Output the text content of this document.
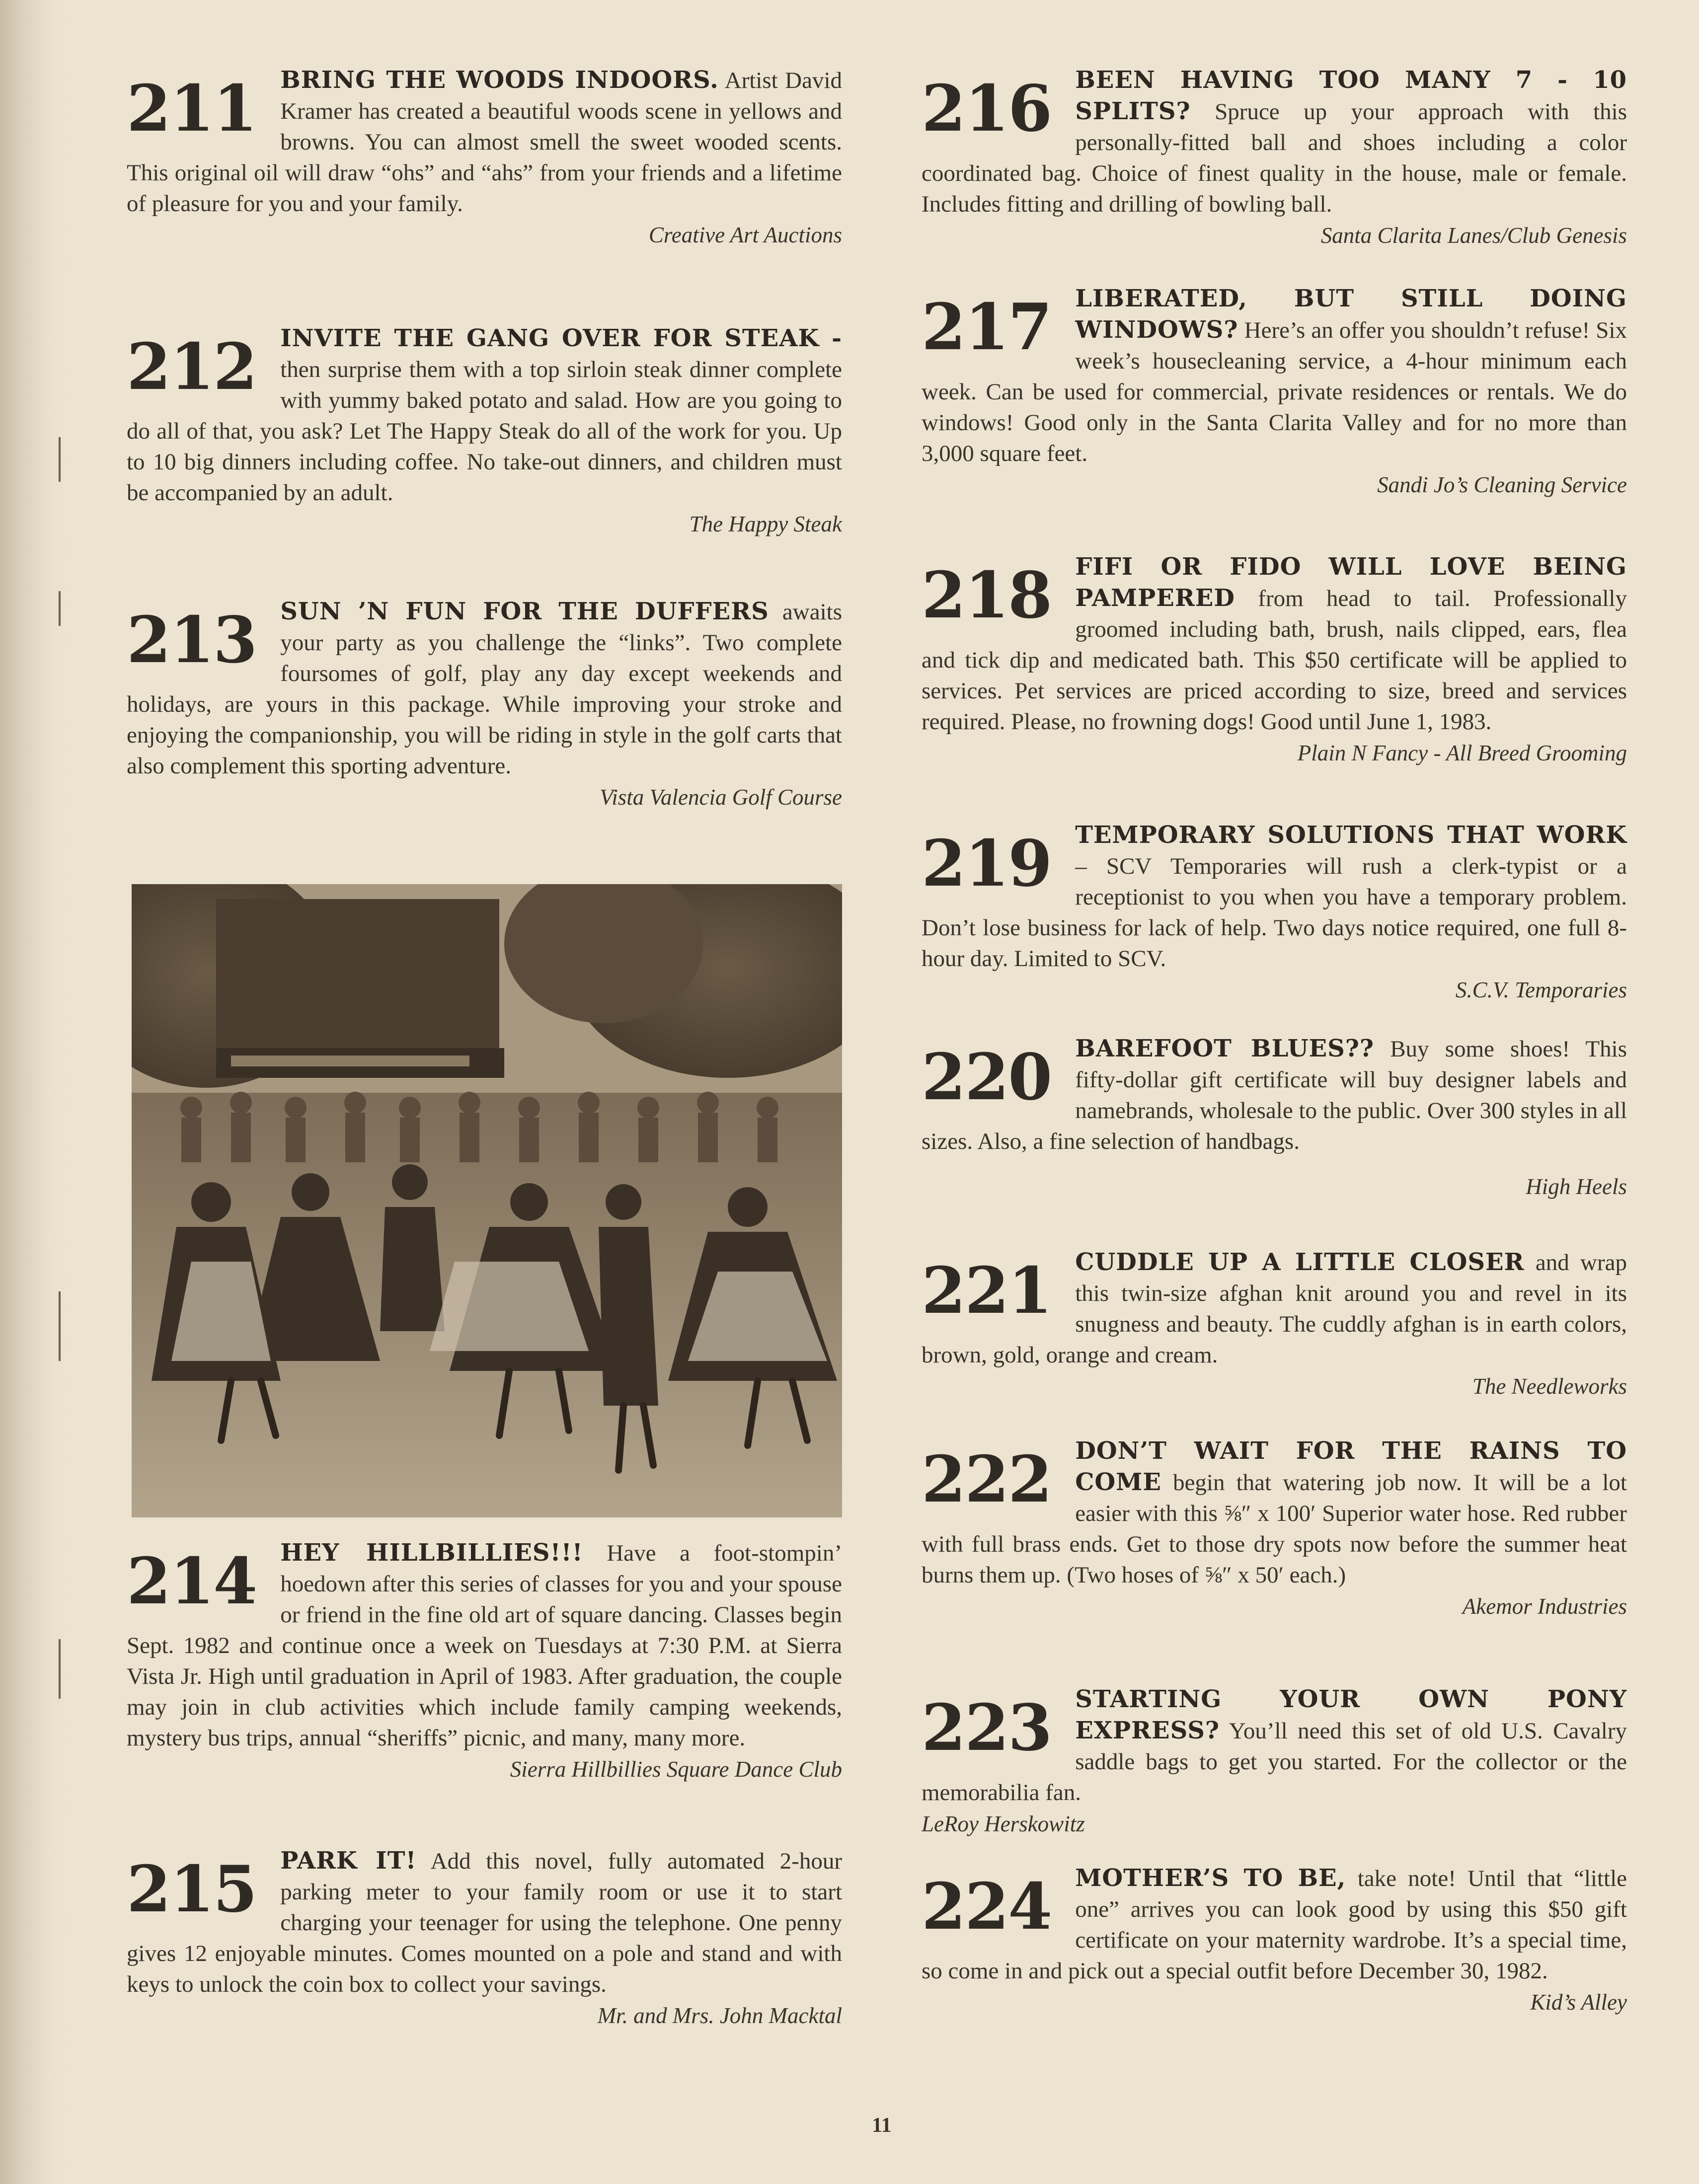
211	BRING THE WOODS INDOORS. Artist David Kramer has created a beautiful woods scene in yellows and browns. You can almost smell the sweet wooded scents. This original oil will draw “ohs” and “ahs” from your friends and a lifetime of pleasure for you and your family.

Creative Art Auctions
212	INVITE THE GANG OVER FOR STEAK - then surprise them with a top sirloin steak dinner complete with yummy baked potato and salad. How are you going to do all of that, you ask? Let The Happy Steak do all of the work for you. Up to 10 big dinners including coffee. No take-out dinners, and children must be accompanied by an adult.

The Happy Steak
213	SUN ’N FUN FOR THE DUFFERS awaits your party as you challenge the “links”. Two complete foursomes of golf, play any day except weekends and holidays, are yours in this package. While improving your stroke and enjoying the companionship, you will be riding in style in the golf carts that also complement this sporting adventure.

Vista Valencia Golf Course
214	HEY HILLBILLIES!!! Have a foot-stompin’ hoedown after this series of classes for you and your spouse or friend in the fine old art of square dancing. Classes begin Sept. 1982 and continue once a week on Tuesdays at 7:30 P.M. at Sierra Vista Jr. High until graduation in April of 1983. After graduation, the couple may join in club activities which include family camping weekends, mystery bus trips, annual “sheriffs” picnic, and many, many more.

Sierra Hillbillies Square Dance Club
215	PARK IT! Add this novel, fully automated 2-hour parking meter to your family room or use it to start charging your teenager for using the telephone. One penny gives 12 enjoyable minutes. Comes mounted on a pole and stand and with keys to unlock the coin box to collect your savings.

Mr. and Mrs. John Macktal
216	BEEN HAVING TOO MANY 7 - 10 SPLITS? Spruce up your approach with this personally-fitted ball and shoes including a color coordinated bag. Choice of finest quality in the house, male or female. Includes fitting and drilling of bowling ball.

Santa Clarita Lanes/Club Genesis
217	LIBERATED, BUT STILL DOING WINDOWS? Here’s an offer you shouldn’t refuse! Six week’s housecleaning service, a 4-hour minimum each week. Can be used for commercial, private residences or rentals. We do windows! Good only in the Santa Clarita Valley and for no more than 3,000 square feet.

Sandi Jo’s Cleaning Service
218	FIFI OR FIDO WILL LOVE BEING PAMPERED from head to tail. Professionally groomed including bath, brush, nails clipped, ears, flea and tick dip and medicated bath. This $50 certificate will be applied to services. Pet services are priced according to size, breed and services required. Please, no frowning dogs! Good until June 1, 1983.

Plain N Fancy - All Breed Grooming
219	TEMPORARY SOLUTIONS THAT WORK – SCV Temporaries will rush a clerk-typist or a receptionist to you when you have a temporary problem. Don’t lose business for lack of help. Two days notice required, one full 8-hour day. Limited to SCV.

S.C.V. Temporaries
220	BAREFOOT BLUES?? Buy some shoes! This fifty-dollar gift certificate will buy designer labels and namebrands, wholesale to the public. Over 300 styles in all sizes. Also, a fine selection of handbags.

High Heels
221	CUDDLE UP A LITTLE CLOSER and wrap this twin-size afghan knit around you and revel in its snugness and beauty. The cuddly afghan is in earth colors, brown, gold, orange and cream.

The Needleworks
222	DON’T WAIT FOR THE RAINS TO COME begin that watering job now. It will be a lot easier with this ⅝″ x 100′ Superior water hose. Red rubber with full brass ends. Get to those dry spots now before the summer heat burns them up. (Two hoses of ⅝″ x 50′ each.)

Akemor Industries
223	STARTING YOUR OWN PONY EXPRESS? You’ll need this set of old U.S. Cavalry saddle bags to get you started. For the collector or the memorabilia fan.

LeRoy Herskowitz
224	MOTHER’S TO BE, take note! Until that “little one” arrives you can look good by using this $50 gift certificate on your maternity wardrobe. It’s a special time, so come in and pick out a special outfit before December 30, 1982.

Kid’s Alley
11
